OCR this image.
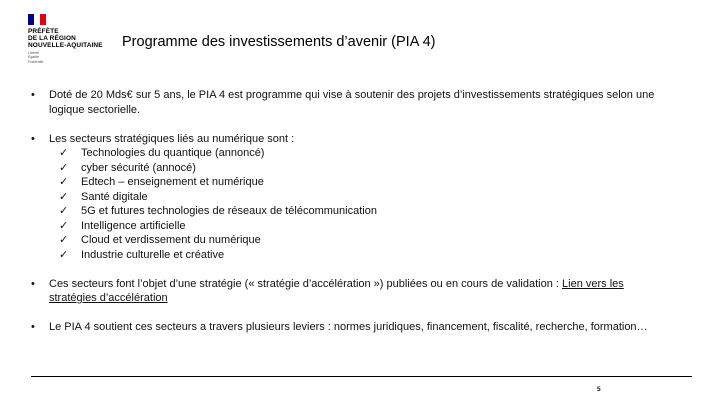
PRÉFÈTE
DE LA RÉGION
NOUVELLE-AQUITAINE
Liberté
Égalité
Fraternité
Programme des investissements d’avenir (PIA 4)
•	Doté de 20 Mds€ sur 5 ans, le PIA 4 est programme qui vise à soutenir des projets d’investissements stratégiques selon une logique sectorielle.
•	Les secteurs stratégiques liés au numérique sont :
✓	Technologies du quantique (annoncé)
✓	cyber sécurité (annocé)
✓	Edtech – enseignement et numérique
✓	Santé digitale
✓	5G et futures technologies de réseaux de télécommunication
✓	Intelligence artificielle
✓	Cloud et verdissement du numérique
✓	Industrie culturelle et créative
•	Ces secteurs font l’objet d’une stratégie (« stratégie d’accélération ») publiées ou en cours de validation : Lien vers les stratégies d’accélération
•	Le PIA 4 soutient ces secteurs a travers plusieurs leviers : normes juridiques, financement, fiscalité, recherche, formation…
5
